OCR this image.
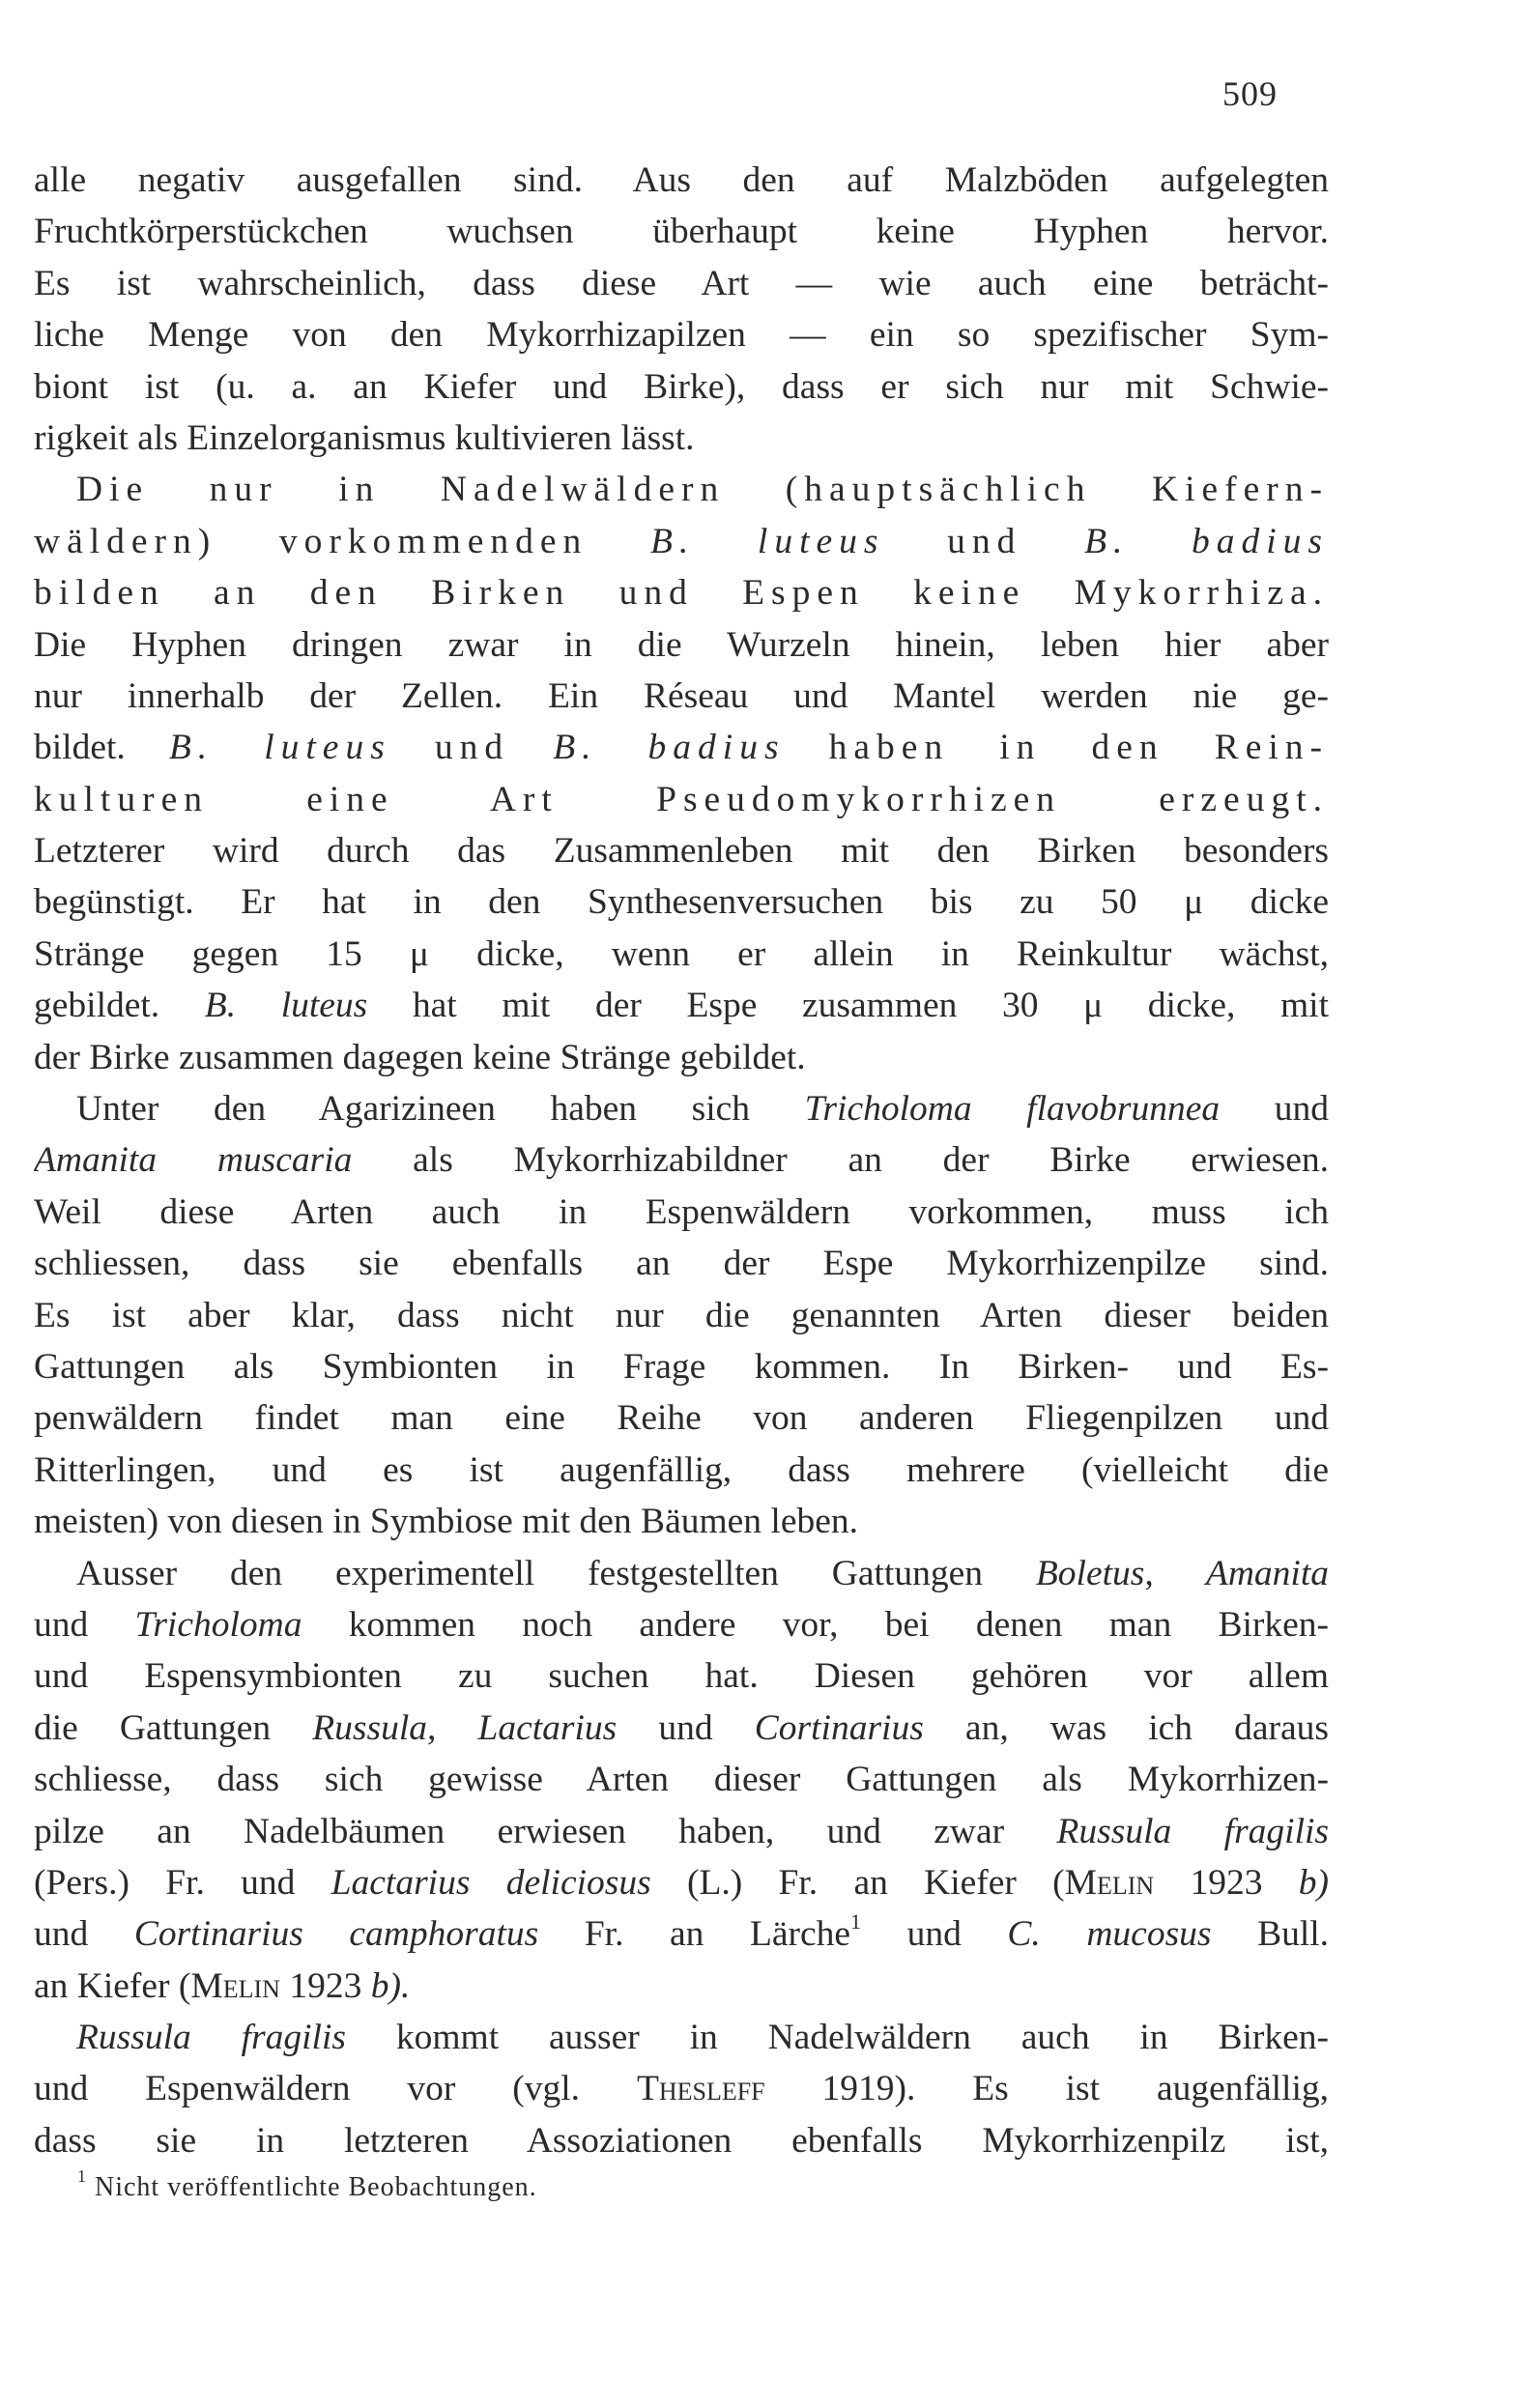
509
alle negativ ausgefallen sind. Aus den auf Malzböden aufgelegten
Fruchtkörperstückchen wuchsen überhaupt keine Hyphen hervor.
Es ist wahrscheinlich, dass diese Art — wie auch eine beträcht-
liche Menge von den Mykorrhizapilzen — ein so spezifischer Sym-
biont ist (u. a. an Kiefer und Birke), dass er sich nur mit Schwie-
rigkeit als Einzelorganismus kultivieren lässt.
Die nur in Nadelwäldern (hauptsächlich Kiefern-
wäldern) vorkommenden B. luteus und B. badius
bilden an den Birken und Espen keine Mykorrhiza.
Die Hyphen dringen zwar in die Wurzeln hinein, leben hier aber
nur innerhalb der Zellen. Ein Réseau und Mantel werden nie ge-
bildet. B. luteus und B. badius haben in den Rein-
kulturen eine Art Pseudomykorrhizen erzeugt.
Letzterer wird durch das Zusammenleben mit den Birken besonders
begünstigt. Er hat in den Synthesenversuchen bis zu 50 μ dicke
Stränge gegen 15 μ dicke, wenn er allein in Reinkultur wächst,
gebildet. B. luteus hat mit der Espe zusammen 30 μ dicke, mit
der Birke zusammen dagegen keine Stränge gebildet.
Unter den Agarizineen haben sich Tricholoma flavobrunnea und
Amanita muscaria als Mykorrhizabildner an der Birke erwiesen.
Weil diese Arten auch in Espenwäldern vorkommen, muss ich
schliessen, dass sie ebenfalls an der Espe Mykorrhizenpilze sind.
Es ist aber klar, dass nicht nur die genannten Arten dieser beiden
Gattungen als Symbionten in Frage kommen. In Birken- und Es-
penwäldern findet man eine Reihe von anderen Fliegenpilzen und
Ritterlingen, und es ist augenfällig, dass mehrere (vielleicht die
meisten) von diesen in Symbiose mit den Bäumen leben.
Ausser den experimentell festgestellten Gattungen Boletus, Amanita
und Tricholoma kommen noch andere vor, bei denen man Birken-
und Espensymbionten zu suchen hat. Diesen gehören vor allem
die Gattungen Russula, Lactarius und Cortinarius an, was ich daraus
schliesse, dass sich gewisse Arten dieser Gattungen als Mykorrhizen-
pilze an Nadelbäumen erwiesen haben, und zwar Russula fragilis
(Pers.) Fr. und Lactarius deliciosus (L.) Fr. an Kiefer (Melin 1923 b)
und Cortinarius camphoratus Fr. an Lärche$^1$ und C. mucosus Bull.
an Kiefer (Melin 1923 b).
Russula fragilis kommt ausser in Nadelwäldern auch in Birken-
und Espenwäldern vor (vgl. Thesleff 1919). Es ist augenfällig,
dass sie in letzteren Assoziationen ebenfalls Mykorrhizenpilz ist,
$^1$ Nicht veröffentlichte Beobachtungen.
